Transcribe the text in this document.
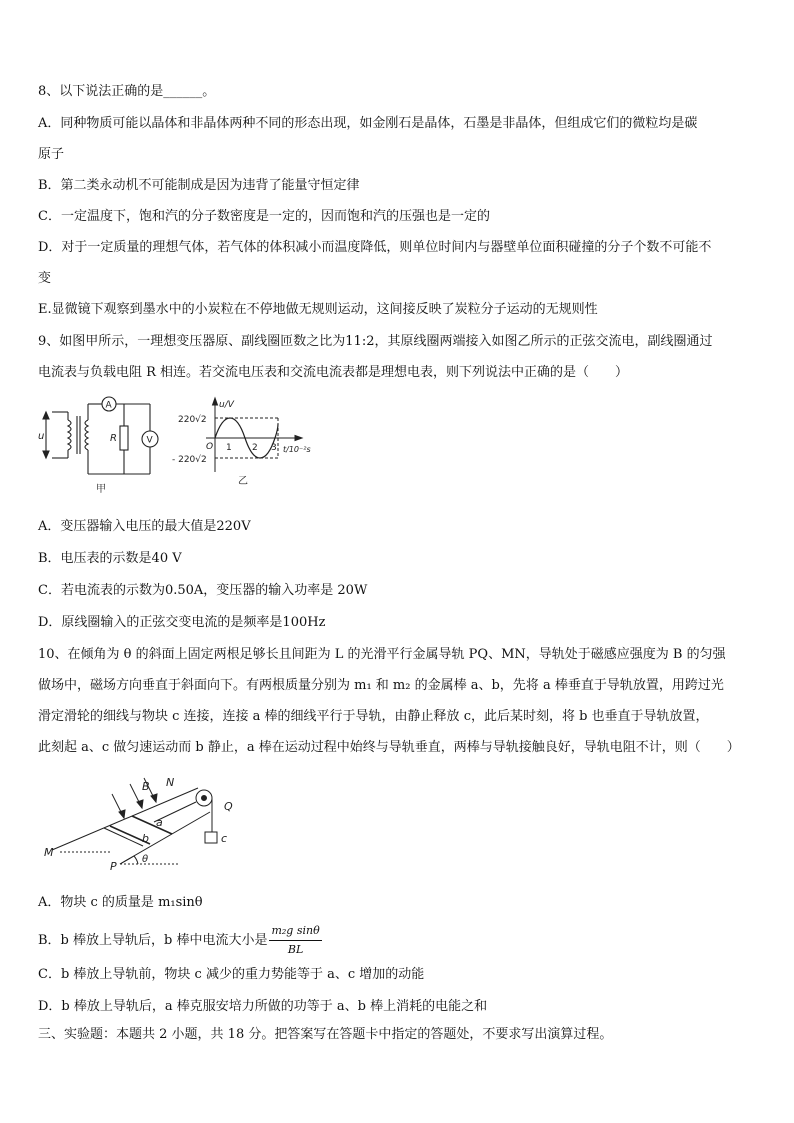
8、以下说法正确的是______。
A．同种物质可能以晶体和非晶体两种不同的形态出现，如金刚石是晶体，石墨是非晶体，但组成它们的微粒均是碳
原子
B．第二类永动机不可能制成是因为违背了能量守恒定律
C．一定温度下，饱和汽的分子数密度是一定的，因而饱和汽的压强也是一定的
D．对于一定质量的理想气体，若气体的体积减小而温度降低，则单位时间内与器壁单位面积碰撞的分子个数不可能不
变
E.显微镜下观察到墨水中的小炭粒在不停地做无规则运动，这间接反映了炭粒分子运动的无规则性
9、如图甲所示，一理想变压器原、副线圈匝数之比为11:2，其原线圈两端接入如图乙所示的正弦交流电，副线圈通过
电流表与负载电阻 R 相连。若交流电压表和交流电流表都是理想电表，则下列说法中正确的是（　　）
u
A
R	V
甲
u/V
220√2
O 1 2 3 t/10⁻²s
- 220√2
乙
A．变压器输入电压的最大值是220V
B．电压表的示数是40 V
C．若电流表的示数为0.50A，变压器的输入功率是 20W
D．原线圈输入的正弦交变电流的是频率是100Hz
10、在倾角为 θ 的斜面上固定两根足够长且间距为 L 的光滑平行金属导轨 PQ、MN，导轨处于磁感应强度为 B 的匀强
做场中，磁场方向垂直于斜面向下。有两根质量分别为 m₁ 和 m₂ 的金属棒 a、b，先将 a 棒垂直于导轨放置，用跨过光
滑定滑轮的细线与物块 c 连接，连接 a 棒的细线平行于导轨，由静止释放 c，此后某时刻，将 b 也垂直于导轨放置，
此刻起 a、c 做匀速运动而 b 静止，a 棒在运动过程中始终与导轨垂直，两棒与导轨接触良好，导轨电阻不计，则（　　）
B N
Q
a
b	c
M
P
θ
A．物块 c 的质量是 m₁sinθ
B．b 棒放上导轨后，b 棒中电流大小是 $\frac{\text{m₂g sinθ}}{BL}$
C．b 棒放上导轨前，物块 c 减少的重力势能等于 a、c 增加的动能
D．b 棒放上导轨后，a 棒克服安培力所做的功等于 a、b 棒上消耗的电能之和
三、实验题：本题共 2 小题，共 18 分。把答案写在答题卡中指定的答题处，不要求写出演算过程。
